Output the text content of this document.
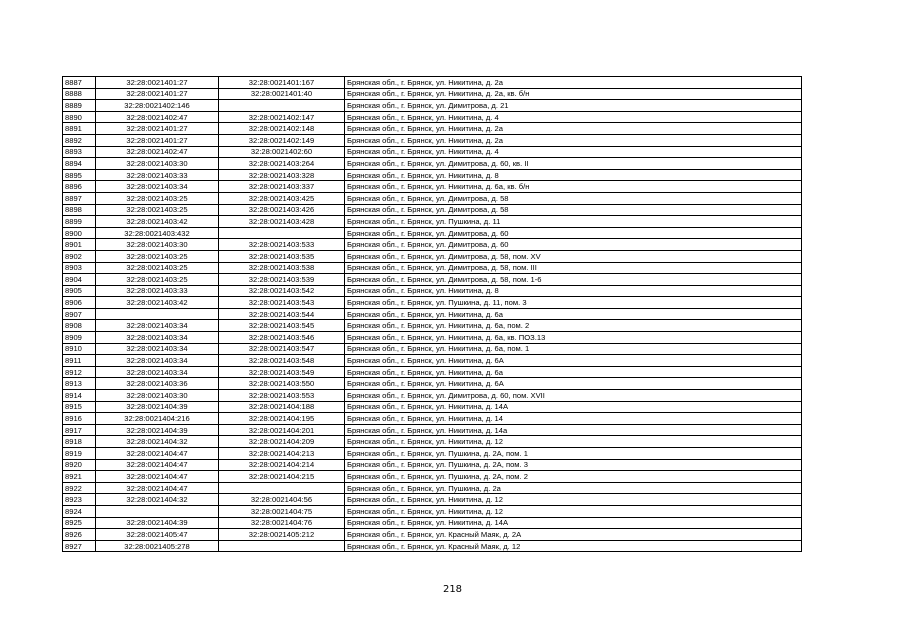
8887	32:28:0021401:27	32:28:0021401:167	Брянская обл., г. Брянск, ул. Никитина, д. 2а
8888	32:28:0021401:27	32:28:0021401:40	Брянская обл., г. Брянск, ул. Никитина, д. 2а, кв. б/н
8889	32:28:0021402:146		Брянская обл., г. Брянск, ул. Димитрова, д. 21
8890	32:28:0021402:47	32:28:0021402:147	Брянская обл., г. Брянск, ул. Никитина, д. 4
8891	32:28:0021401:27	32:28:0021402:148	Брянская обл., г. Брянск, ул. Никитина, д. 2а
8892	32:28:0021401:27	32:28:0021402:149	Брянская обл., г. Брянск, ул. Никитина, д. 2а
8893	32:28:0021402:47	32:28:0021402:60	Брянская обл., г. Брянск, ул. Никитина, д. 4
8894	32:28:0021403:30	32:28:0021403:264	Брянская обл., г. Брянск, ул. Димитрова, д. 60, кв. II
8895	32:28:0021403:33	32:28:0021403:328	Брянская обл., г. Брянск, ул. Никитина, д. 8
8896	32:28:0021403:34	32:28:0021403:337	Брянская обл., г. Брянск, ул. Никитина, д. 6а, кв. б/н
8897	32:28:0021403:25	32:28:0021403:425	Брянская обл., г. Брянск, ул. Димитрова, д. 58
8898	32:28:0021403:25	32:28:0021403:426	Брянская обл., г. Брянск, ул. Димитрова, д. 58
8899	32:28:0021403:42	32:28:0021403:428	Брянская обл., г. Брянск, ул. Пушкина, д. 11
8900	32:28:0021403:432		Брянская обл., г. Брянск, ул. Димитрова, д. 60
8901	32:28:0021403:30	32:28:0021403:533	Брянская обл., г. Брянск, ул. Димитрова, д. 60
8902	32:28:0021403:25	32:28:0021403:535	Брянская обл., г. Брянск, ул. Димитрова, д. 58, пом. XV
8903	32:28:0021403:25	32:28:0021403:538	Брянская обл., г. Брянск, ул. Димитрова, д. 58, пом. III
8904	32:28:0021403:25	32:28:0021403:539	Брянская обл., г. Брянск, ул. Димитрова, д. 58, пом. 1-6
8905	32:28:0021403:33	32:28:0021403:542	Брянская обл., г. Брянск, ул. Никитина, д. 8
8906	32:28:0021403:42	32:28:0021403:543	Брянская обл., г. Брянск, ул. Пушкина, д. 11, пом. 3
8907		32:28:0021403:544	Брянская обл., г. Брянск, ул. Никитина, д. 6а
8908	32:28:0021403:34	32:28:0021403:545	Брянская обл., г. Брянск, ул. Никитина, д. 6а, пом. 2
8909	32:28:0021403:34	32:28:0021403:546	Брянская обл., г. Брянск, ул. Никитина, д. 6а, кв. ПОЗ.13
8910	32:28:0021403:34	32:28:0021403:547	Брянская обл., г. Брянск, ул. Никитина, д. 6а, пом. 1
8911	32:28:0021403:34	32:28:0021403:548	Брянская обл., г. Брянск, ул. Никитина, д. 6А
8912	32:28:0021403:34	32:28:0021403:549	Брянская обл., г. Брянск, ул. Никитина, д. 6а
8913	32:28:0021403:36	32:28:0021403:550	Брянская обл., г. Брянск, ул. Никитина, д. 6А
8914	32:28:0021403:30	32:28:0021403:553	Брянская обл., г. Брянск, ул. Димитрова, д. 60, пом. XVII
8915	32:28:0021404:39	32:28:0021404:188	Брянская обл., г. Брянск, ул. Никитина, д. 14А
8916	32:28:0021404:216	32:28:0021404:195	Брянская обл., г. Брянск, ул. Никитина, д. 14
8917	32:28:0021404:39	32:28:0021404:201	Брянская обл., г. Брянск, ул. Никитина, д. 14а
8918	32:28:0021404:32	32:28:0021404:209	Брянская обл., г. Брянск, ул. Никитина, д. 12
8919	32:28:0021404:47	32:28:0021404:213	Брянская обл., г. Брянск, ул. Пушкина, д. 2А, пом. 1
8920	32:28:0021404:47	32:28:0021404:214	Брянская обл., г. Брянск, ул. Пушкина, д. 2А, пом. 3
8921	32:28:0021404:47	32:28:0021404:215	Брянская обл., г. Брянск, ул. Пушкина, д. 2А, пом. 2
8922	32:28:0021404:47		Брянская обл., г. Брянск, ул. Пушкина, д. 2а
8923	32:28:0021404:32	32:28:0021404:56	Брянская обл., г. Брянск, ул. Никитина, д. 12
8924		32:28:0021404:75	Брянская обл., г. Брянск, ул. Никитина, д. 12
8925	32:28:0021404:39	32:28:0021404:76	Брянская обл., г. Брянск, ул. Никитина, д. 14А
8926	32:28:0021405:47	32:28:0021405:212	Брянская обл., г. Брянск, ул. Красный Маяк, д. 2А
8927	32:28:0021405:278		Брянская обл., г. Брянск, ул. Красный Маяк, д. 12
218
